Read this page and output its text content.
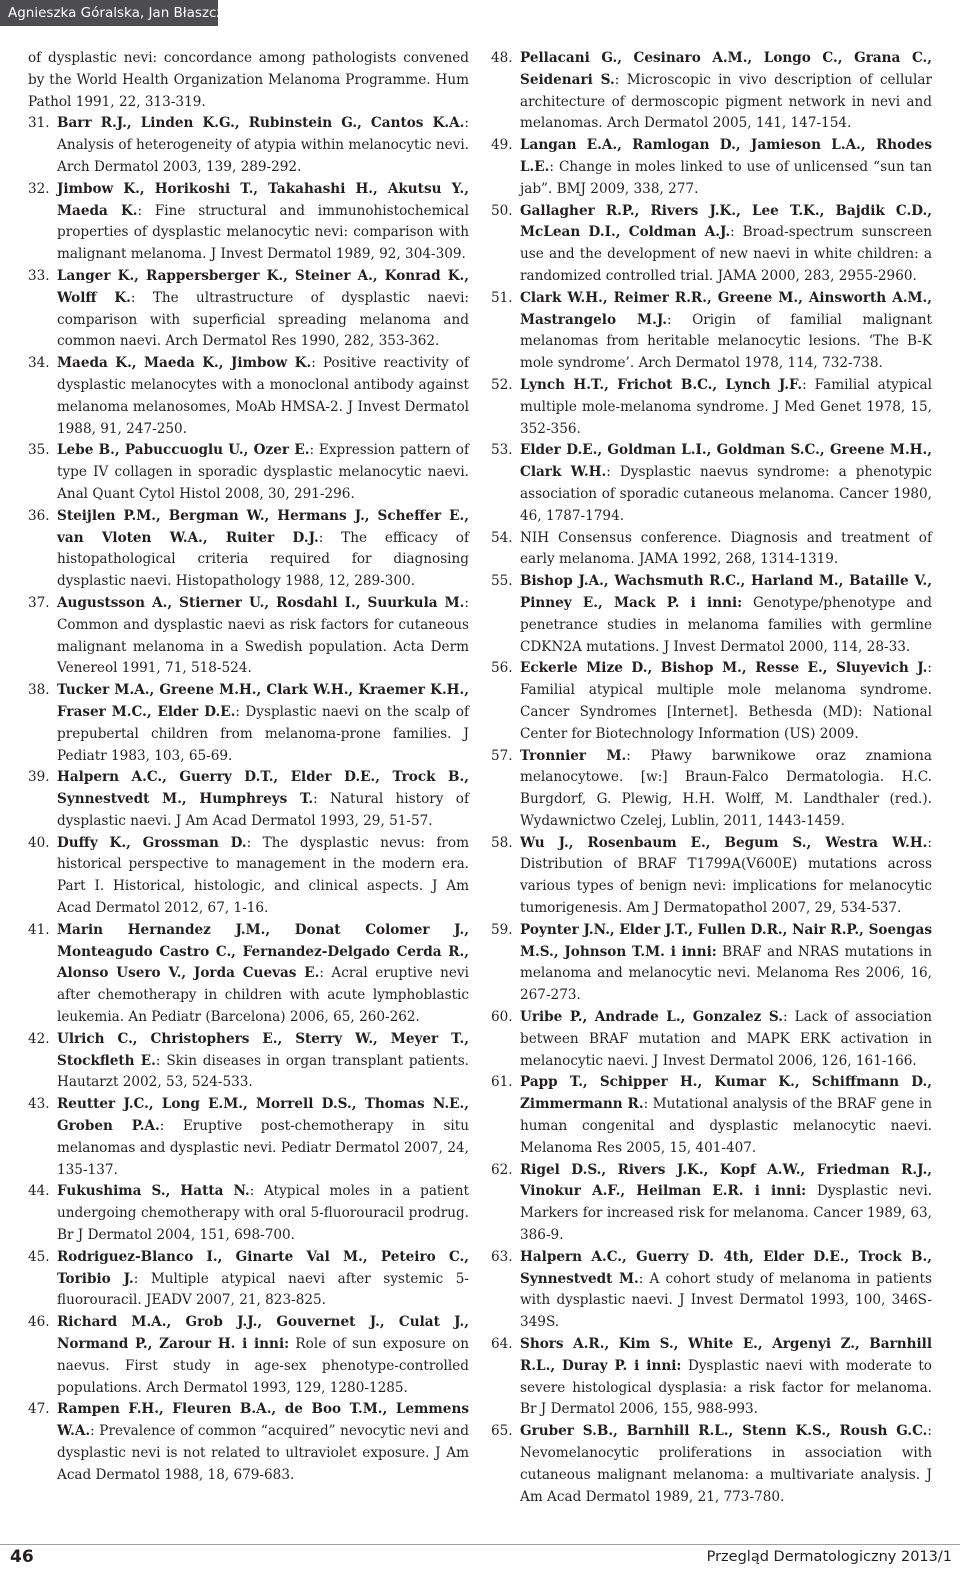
Agnieszka Góralska, Jan Błaszczyk
of dysplastic nevi: concordance among pathologists convened by the World Health Organization Melanoma Programme. Hum Pathol 1991, 22, 313-319.
31. Barr R.J., Linden K.G., Rubinstein G., Cantos K.A.: Analysis of heterogeneity of atypia within melanocytic nevi. Arch Dermatol 2003, 139, 289-292.
32. Jimbow K., Horikoshi T., Takahashi H., Akutsu Y., Maeda K.: Fine structural and immunohistochemical properties of dysplastic melanocytic nevi: comparison with malignant melanoma. J Invest Dermatol 1989, 92, 304-309.
33. Langer K., Rappersberger K., Steiner A., Konrad K., Wolff K.: The ultrastructure of dysplastic naevi: comparison with superficial spreading melanoma and common naevi. Arch Dermatol Res 1990, 282, 353-362.
34. Maeda K., Maeda K., Jimbow K.: Positive reactivity of dysplastic melanocytes with a monoclonal antibody against melanoma melanosomes, MoAb HMSA-2. J Invest Dermatol 1988, 91, 247-250.
35. Lebe B., Pabuccuoglu U., Ozer E.: Expression pattern of type IV collagen in sporadic dysplastic melanocytic naevi. Anal Quant Cytol Histol 2008, 30, 291-296.
36. Steijlen P.M., Bergman W., Hermans J., Scheffer E., van Vloten W.A., Ruiter D.J.: The efficacy of histopathological criteria required for diagnosing dysplastic naevi. Histopathology 1988, 12, 289-300.
37. Augustsson A., Stierner U., Rosdahl I., Suurkula M.: Common and dysplastic naevi as risk factors for cutaneous malignant melanoma in a Swedish population. Acta Derm Venereol 1991, 71, 518-524.
38. Tucker M.A., Greene M.H., Clark W.H., Kraemer K.H., Fraser M.C., Elder D.E.: Dysplastic naevi on the scalp of prepubertal children from melanoma-prone families. J Pediatr 1983, 103, 65-69.
39. Halpern A.C., Guerry D.T., Elder D.E., Trock B., Synnestvedt M., Humphreys T.: Natural history of dysplastic naevi. J Am Acad Dermatol 1993, 29, 51-57.
40. Duffy K., Grossman D.: The dysplastic nevus: from historical perspective to management in the modern era. Part I. Historical, histologic, and clinical aspects. J Am Acad Dermatol 2012, 67, 1-16.
41. Marin Hernandez J.M., Donat Colomer J., Monteagudo Castro C., Fernandez-Delgado Cerda R., Alonso Usero V., Jorda Cuevas E.: Acral eruptive nevi after chemotherapy in children with acute lymphoblastic leukemia. An Pediatr (Barcelona) 2006, 65, 260-262.
42. Ulrich C., Christophers E., Sterry W., Meyer T., Stockfleth E.: Skin diseases in organ transplant patients. Hautarzt 2002, 53, 524-533.
43. Reutter J.C., Long E.M., Morrell D.S., Thomas N.E., Groben P.A.: Eruptive post-chemotherapy in situ melanomas and dysplastic nevi. Pediatr Dermatol 2007, 24, 135-137.
44. Fukushima S., Hatta N.: Atypical moles in a patient undergoing chemotherapy with oral 5-fluorouracil prodrug. Br J Dermatol 2004, 151, 698-700.
45. Rodriguez-Blanco I., Ginarte Val M., Peteiro C., Toribio J.: Multiple atypical naevi after systemic 5-fluorouracil. JEADV 2007, 21, 823-825.
46. Richard M.A., Grob J.J., Gouvernet J., Culat J., Normand P., Zarour H. i inni: Role of sun exposure on naevus. First study in age-sex phenotype-controlled populations. Arch Dermatol 1993, 129, 1280-1285.
47. Rampen F.H., Fleuren B.A., de Boo T.M., Lemmens W.A.: Prevalence of common “acquired” nevocytic nevi and dysplastic nevi is not related to ultraviolet exposure. J Am Acad Dermatol 1988, 18, 679-683.
48. Pellacani G., Cesinaro A.M., Longo C., Grana C., Seidenari S.: Microscopic in vivo description of cellular architecture of dermoscopic pigment network in nevi and melanomas. Arch Dermatol 2005, 141, 147-154.
49. Langan E.A., Ramlogan D., Jamieson L.A., Rhodes L.E.: Change in moles linked to use of unlicensed “sun tan jab”. BMJ 2009, 338, 277.
50. Gallagher R.P., Rivers J.K., Lee T.K., Bajdik C.D., McLean D.I., Coldman A.J.: Broad-spectrum sunscreen use and the development of new naevi in white children: a randomized controlled trial. JAMA 2000, 283, 2955-2960.
51. Clark W.H., Reimer R.R., Greene M., Ainsworth A.M., Mastrangelo M.J.: Origin of familial malignant melanomas from heritable melanocytic lesions. ‘The B-K mole syndrome’. Arch Dermatol 1978, 114, 732-738.
52. Lynch H.T., Frichot B.C., Lynch J.F.: Familial atypical multiple mole-melanoma syndrome. J Med Genet 1978, 15, 352-356.
53. Elder D.E., Goldman L.I., Goldman S.C., Greene M.H., Clark W.H.: Dysplastic naevus syndrome: a phenotypic association of sporadic cutaneous melanoma. Cancer 1980, 46, 1787-1794.
54. NIH Consensus conference. Diagnosis and treatment of early melanoma. JAMA 1992, 268, 1314-1319.
55. Bishop J.A., Wachsmuth R.C., Harland M., Bataille V., Pinney E., Mack P. i inni: Genotype/phenotype and penetrance studies in melanoma families with germline CDKN2A mutations. J Invest Dermatol 2000, 114, 28-33.
56. Eckerle Mize D., Bishop M., Resse E., Sluyevich J.: Familial atypical multiple mole melanoma syndrome. Cancer Syndromes [Internet]. Bethesda (MD): National Center for Biotechnology Information (US) 2009.
57. Tronnier M.: Pławy barwnikowe oraz znamiona melanocytowe. [w:] Braun-Falco Dermatologia. H.C. Burgdorf, G. Plewig, H.H. Wolff, M. Landthaler (red.). Wydawnictwo Czelej, Lublin, 2011, 1443-1459.
58. Wu J., Rosenbaum E., Begum S., Westra W.H.: Distribution of BRAF T1799A(V600E) mutations across various types of benign nevi: implications for melanocytic tumorigenesis. Am J Dermatopathol 2007, 29, 534-537.
59. Poynter J.N., Elder J.T., Fullen D.R., Nair R.P., Soengas M.S., Johnson T.M. i inni: BRAF and NRAS mutations in melanoma and melanocytic nevi. Melanoma Res 2006, 16, 267-273.
60. Uribe P., Andrade L., Gonzalez S.: Lack of association between BRAF mutation and MAPK ERK activation in melanocytic naevi. J Invest Dermatol 2006, 126, 161-166.
61. Papp T., Schipper H., Kumar K., Schiffmann D., Zimmermann R.: Mutational analysis of the BRAF gene in human congenital and dysplastic melanocytic naevi. Melanoma Res 2005, 15, 401-407.
62. Rigel D.S., Rivers J.K., Kopf A.W., Friedman R.J., Vinokur A.F., Heilman E.R. i inni: Dysplastic nevi. Markers for increased risk for melanoma. Cancer 1989, 63, 386-9.
63. Halpern A.C., Guerry D. 4th, Elder D.E., Trock B., Synnestvedt M.: A cohort study of melanoma in patients with dysplastic naevi. J Invest Dermatol 1993, 100, 346S-349S.
64. Shors A.R., Kim S., White E., Argenyi Z., Barnhill R.L., Duray P. i inni: Dysplastic naevi with moderate to severe histological dysplasia: a risk factor for melanoma. Br J Dermatol 2006, 155, 988-993.
65. Gruber S.B., Barnhill R.L., Stenn K.S., Roush G.C.: Nevomelanocytic proliferations in association with cutaneous malignant melanoma: a multivariate analysis. J Am Acad Dermatol 1989, 21, 773-780.
46	Przegląd Dermatologiczny 2013/1
